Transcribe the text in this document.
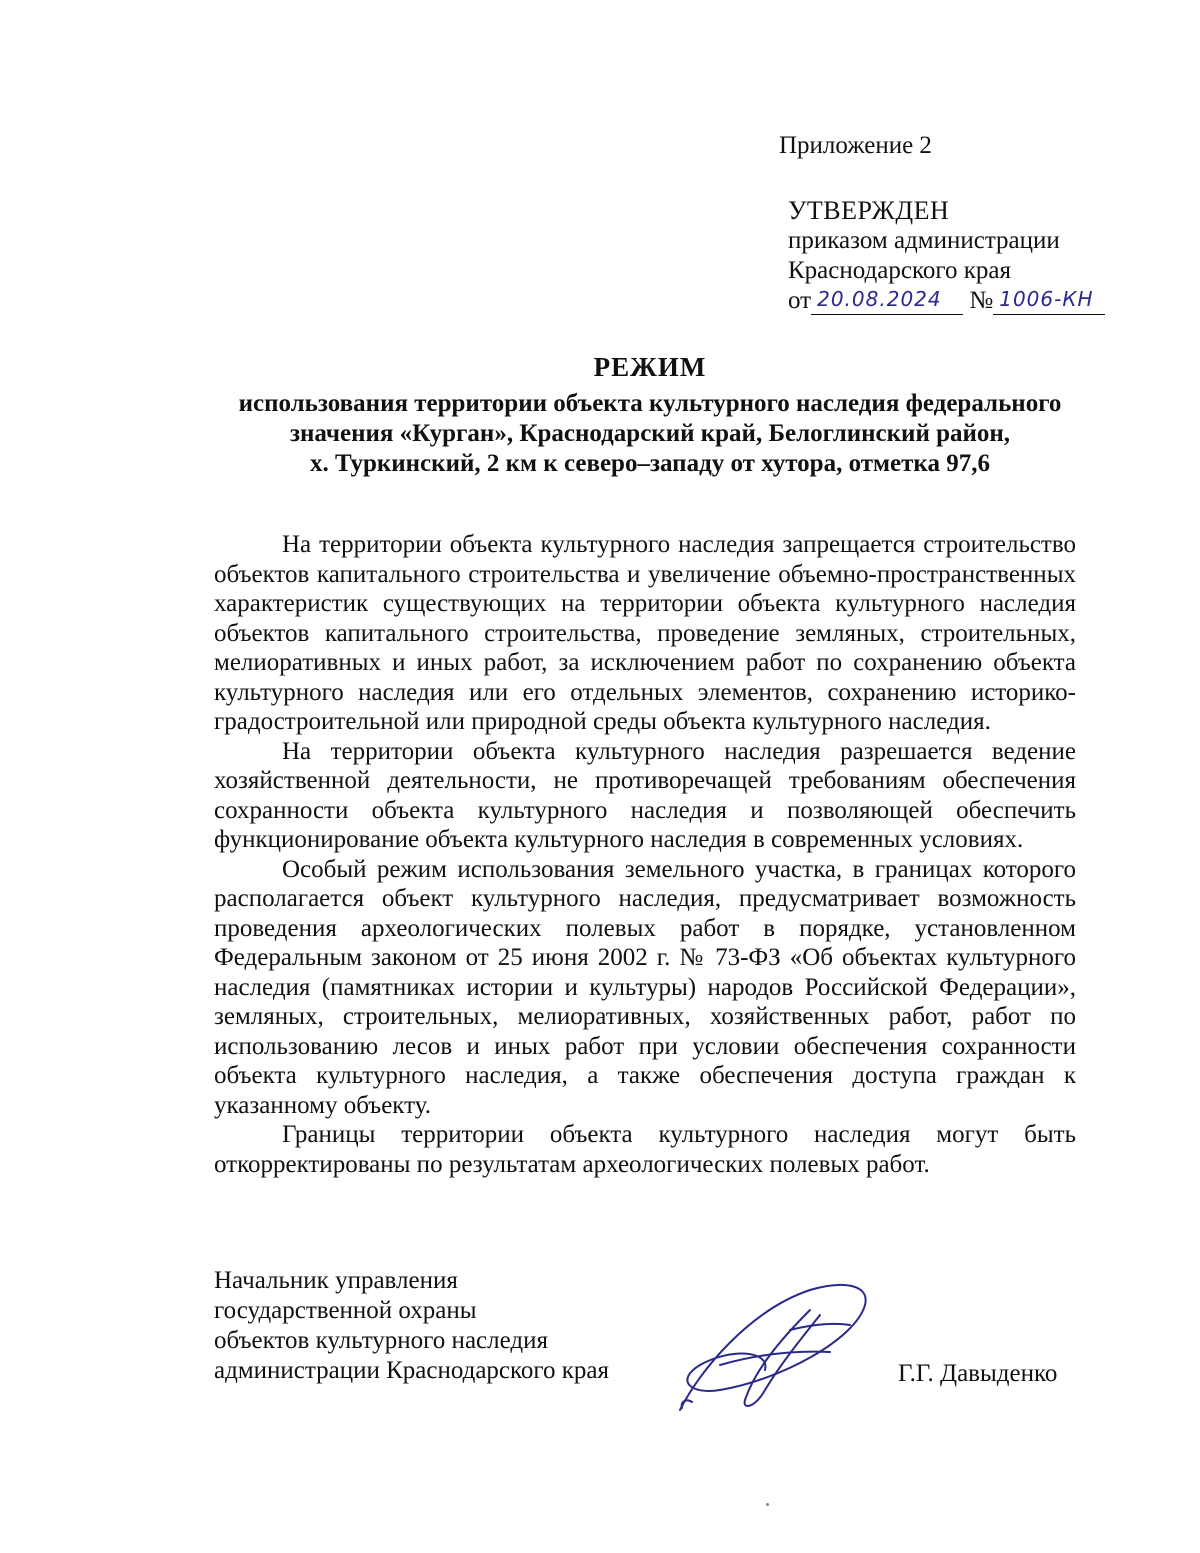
Приложение 2
УТВЕРЖДЕН
приказом администрации
Краснодарского края
от 20.08.2024 № 1006-КН
РЕЖИМ
использования территории объекта культурного наследия федерального
значения «Курган», Краснодарский край, Белоглинский район,
х. Туркинский, 2 км к северо–западу от хутора, отметка 97,6

На территории объекта культурного наследия запрещается строительство объектов капитального строительства и увеличение объемно-пространственных характеристик существующих на территории объекта культурного наследия объектов капитального строительства, проведение земляных, строительных, мелиоративных и иных работ, за исключением работ по сохранению объекта культурного наследия или его отдельных элементов, сохранению историко-градостроительной или природной среды объекта культурного наследия.

На территории объекта культурного наследия разрешается ведение хозяйственной деятельности, не противоречащей требованиям обеспечения сохранности объекта культурного наследия и позволяющей обеспечить функционирование объекта культурного наследия в современных условиях.

Особый режим использования земельного участка, в границах которого располагается объект культурного наследия, предусматривает возможность проведения археологических полевых работ в порядке, установленном Федеральным законом от 25 июня 2002 г. № 73-ФЗ «Об объектах культурного наследия (памятниках истории и культуры) народов Российской Федерации», земляных, строительных, мелиоративных, хозяйственных работ, работ по использованию лесов и иных работ при условии обеспечения сохранности объекта культурного наследия, а также обеспечения доступа граждан к указанному объекту.

Границы территории объекта культурного наследия могут быть откорректированы по результатам археологических полевых работ.

Начальник управления
государственной охраны
объектов культурного наследия
администрации Краснодарского края	Г.Г. Давыденко
